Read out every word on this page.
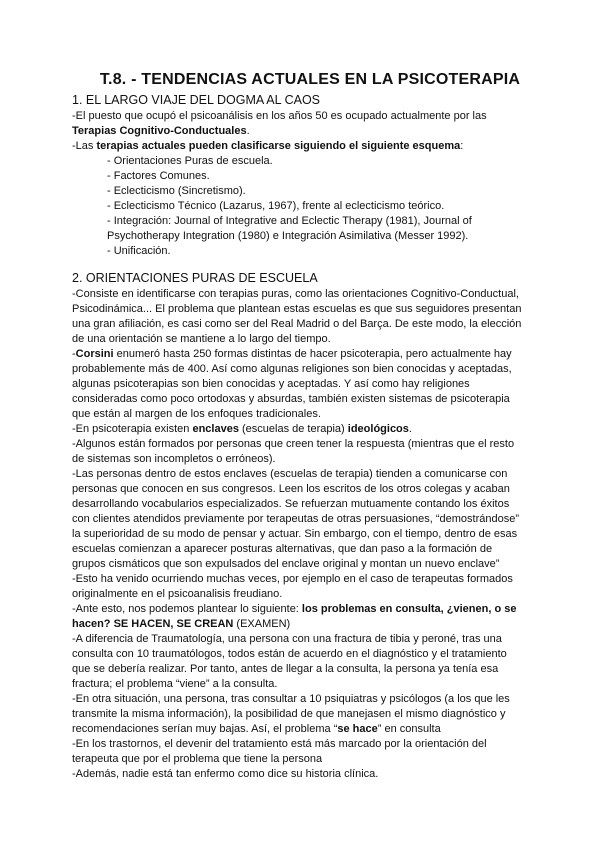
T.8. - TENDENCIAS ACTUALES EN LA PSICOTERAPIA
1. EL LARGO VIAJE DEL DOGMA AL CAOS
-El puesto que ocupó el psicoanálisis en los años 50 es ocupado actualmente por las
Terapias Cognitivo-Conductuales.
-Las terapias actuales pueden clasificarse siguiendo el siguiente esquema:
- Orientaciones Puras de escuela.
- Factores Comunes.
- Eclecticismo (Sincretismo).
- Eclecticismo Técnico (Lazarus, 1967), frente al eclecticismo teórico.
- Integración: Journal of Integrative and Eclectic Therapy (1981), Journal of
Psychotherapy Integration (1980) e Integración Asimilativa (Messer 1992).
- Unificación.
2. ORIENTACIONES PURAS DE ESCUELA
-Consiste en identificarse con terapias puras, como las orientaciones Cognitivo-Conductual,
Psicodinámica... El problema que plantean estas escuelas es que sus seguidores presentan
una gran afiliación, es casi como ser del Real Madrid o del Barça. De este modo, la elección
de una orientación se mantiene a lo largo del tiempo.
-Corsini enumeró hasta 250 formas distintas de hacer psicoterapia, pero actualmente hay
probablemente más de 400. Así como algunas religiones son bien conocidas y aceptadas,
algunas psicoterapias son bien conocidas y aceptadas. Y así como hay religiones
consideradas como poco ortodoxas y absurdas, también existen sistemas de psicoterapia
que están al margen de los enfoques tradicionales.
-En psicoterapia existen enclaves (escuelas de terapia) ideológicos.
-Algunos están formados por personas que creen tener la respuesta (mientras que el resto
de sistemas son incompletos o erróneos).
-Las personas dentro de estos enclaves (escuelas de terapia) tienden a comunicarse con
personas que conocen en sus congresos. Leen los escritos de los otros colegas y acaban
desarrollando vocabularios especializados. Se refuerzan mutuamente contando los éxitos
con clientes atendidos previamente por terapeutas de otras persuasiones, “demostrándose”
la superioridad de su modo de pensar y actuar. Sin embargo, con el tiempo, dentro de esas
escuelas comienzan a aparecer posturas alternativas, que dan paso a la formación de
grupos cismáticos que son expulsados del enclave original y montan un nuevo enclave”
-Esto ha venido ocurriendo muchas veces, por ejemplo en el caso de terapeutas formados
originalmente en el psicoanalisis freudiano.
-Ante esto, nos podemos plantear lo siguiente: los problemas en consulta, ¿vienen, o se
hacen? SE HACEN, SE CREAN (EXAMEN)
-A diferencia de Traumatología, una persona con una fractura de tibia y peroné, tras una
consulta con 10 traumatólogos, todos están de acuerdo en el diagnóstico y el tratamiento
que se debería realizar. Por tanto, antes de llegar a la consulta, la persona ya tenía esa
fractura; el problema “viene” a la consulta.
-En otra situación, una persona, tras consultar a 10 psiquiatras y psicólogos (a los que les
transmite la misma información), la posibilidad de que manejasen el mismo diagnóstico y
recomendaciones serían muy bajas. Así, el problema “se hace” en consulta
-En los trastornos, el devenir del tratamiento está más marcado por la orientación del
terapeuta que por el problema que tiene la persona
-Además, nadie está tan enfermo como dice su historia clínica.
